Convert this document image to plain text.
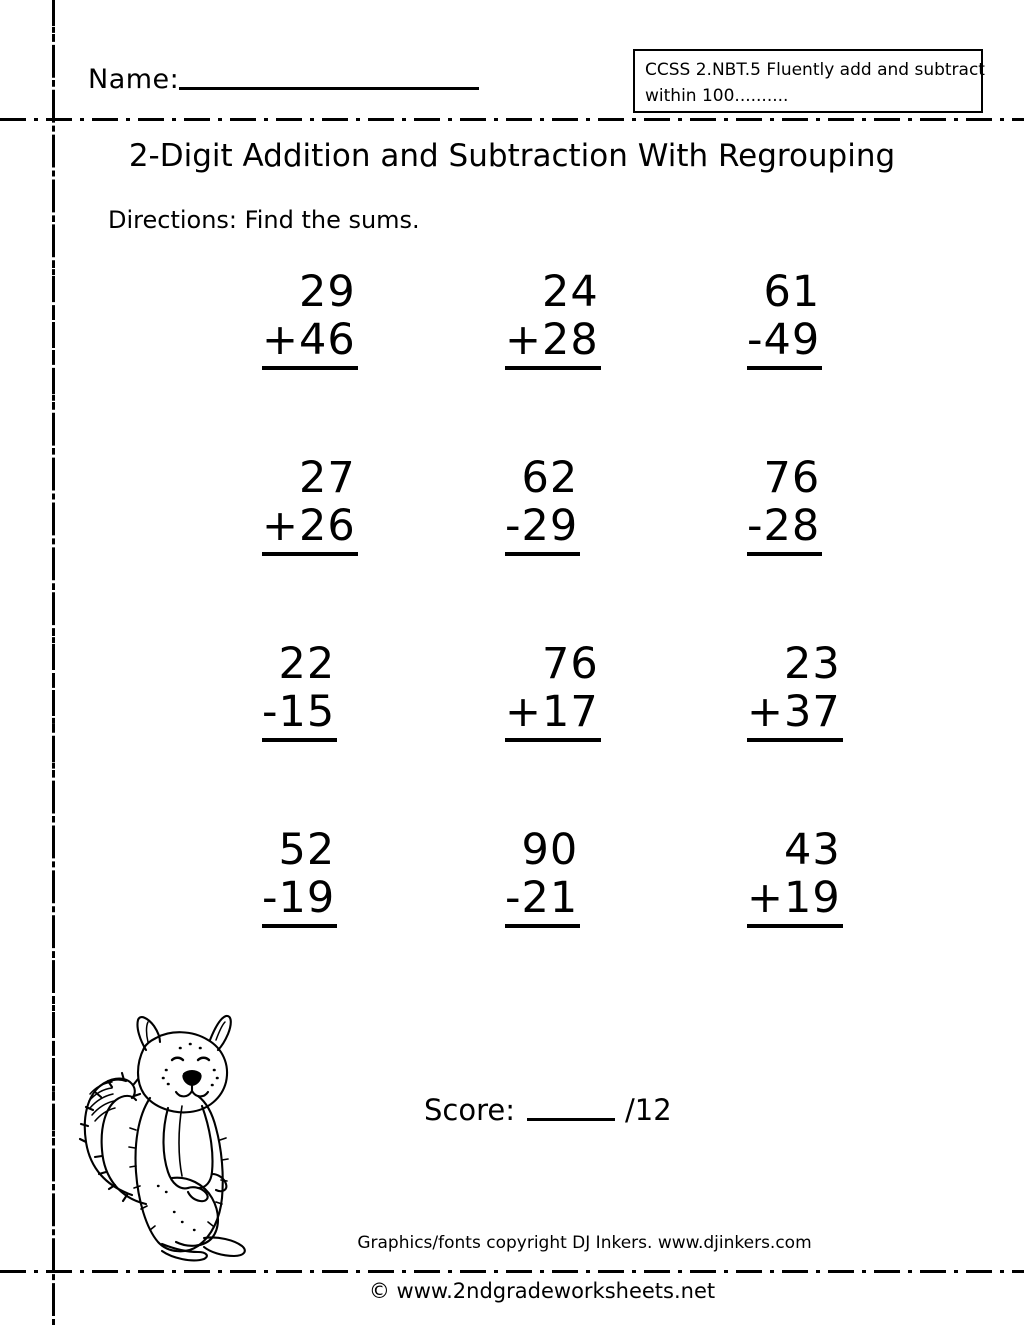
Name:	CCSS 2.NBT.5 Fluently add and subtract
within 100..........
2-Digit Addition and Subtraction With Regrouping
Directions: Find the sums.
29
+46
24
+28
61
-49
27
+26
62
-29
76
-28
22
-15
76
+17
23
+37
52
-19
90
-21
43
+19
Score:	/12
Graphics/fonts copyright DJ Inkers. www.djinkers.com
© www.2ndgradeworksheets.net
